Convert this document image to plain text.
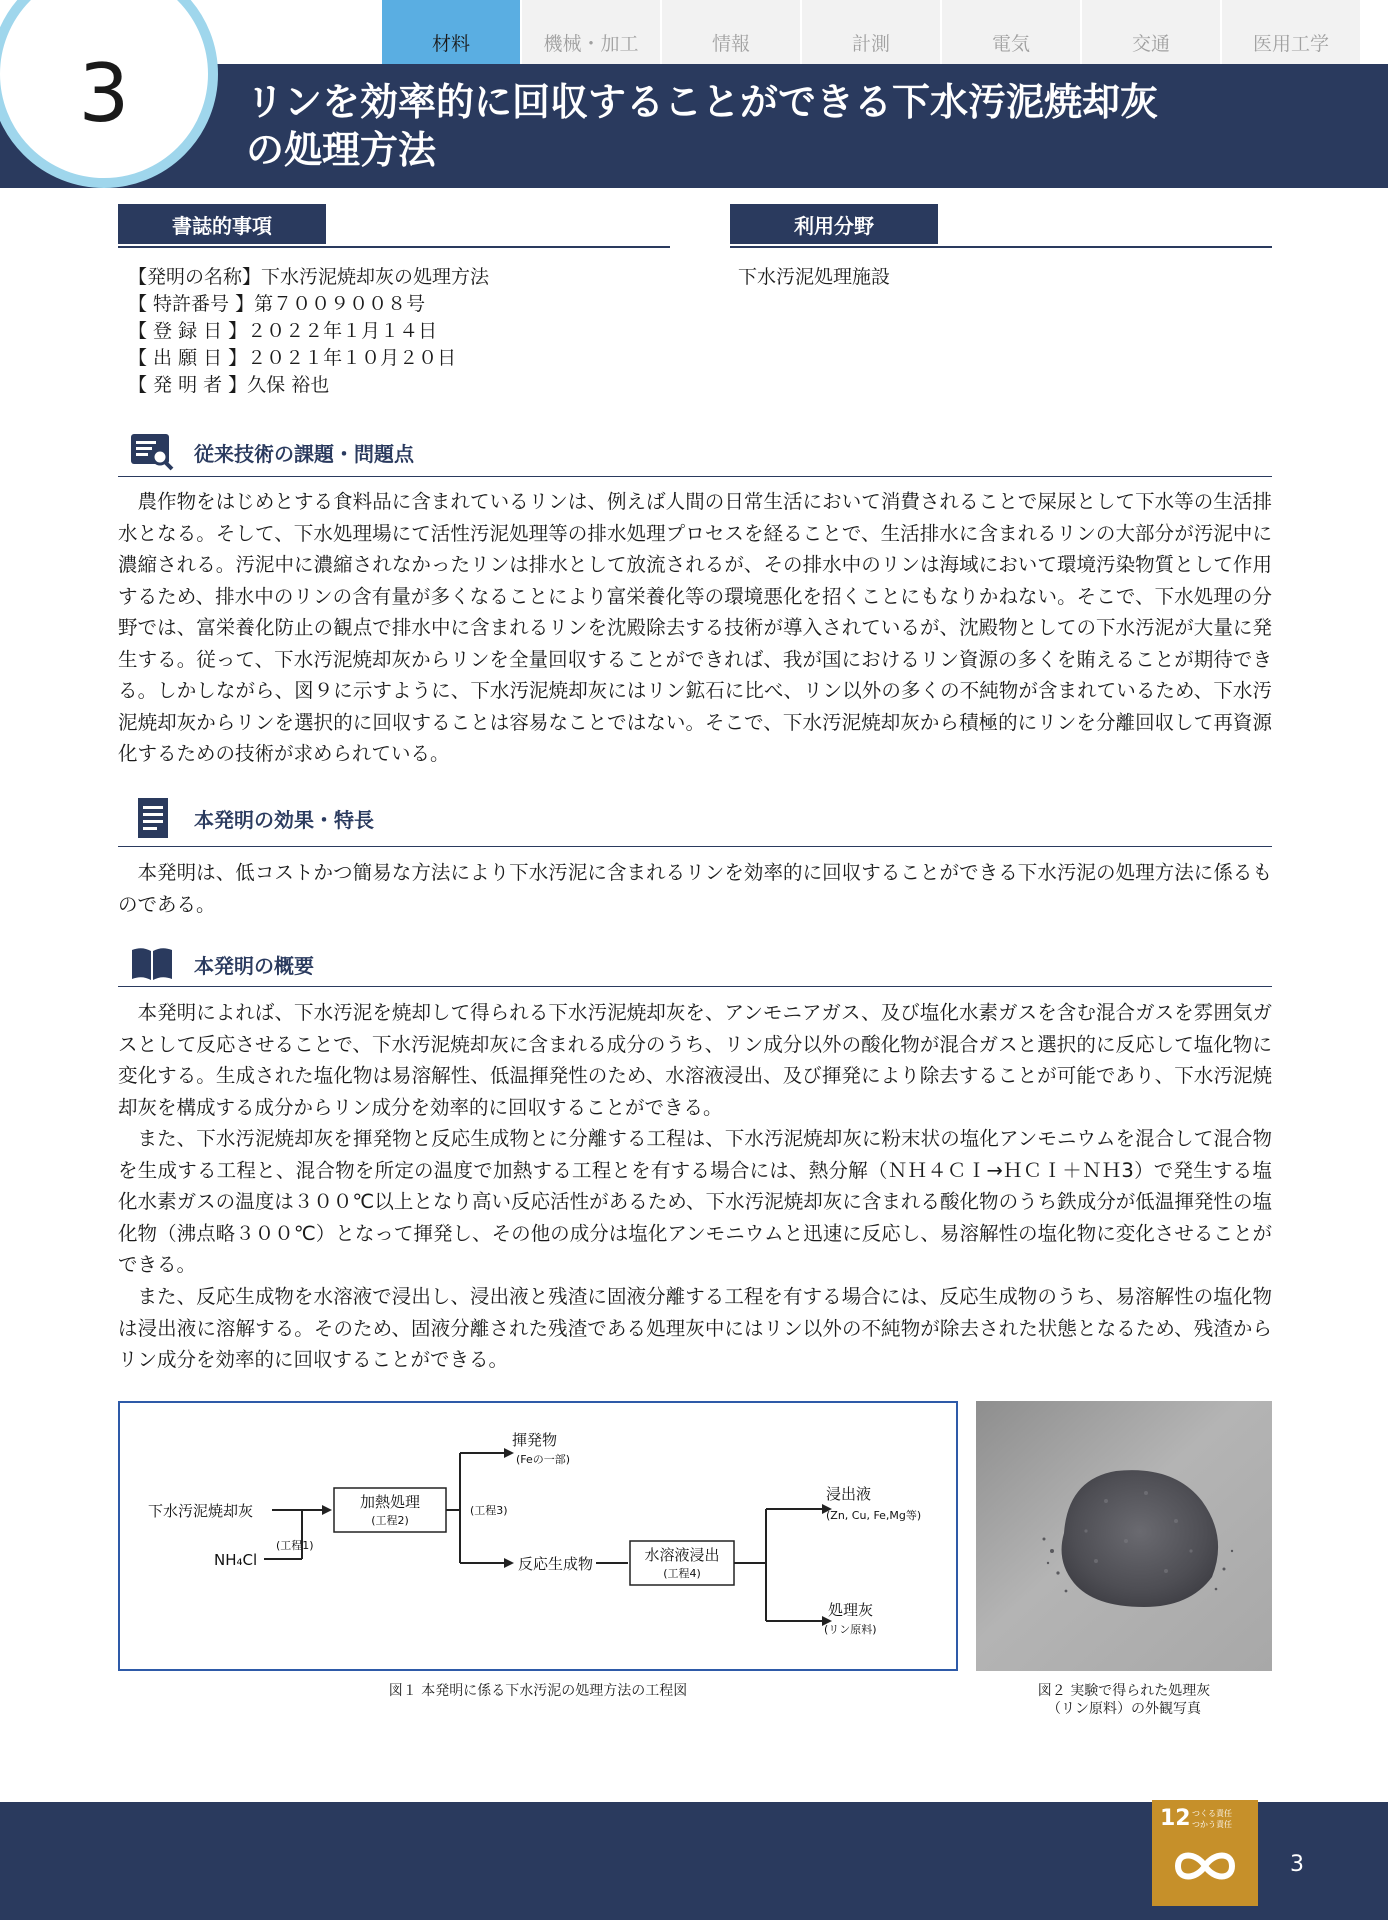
リンを効率的に回収することができる下水汚泥焼却灰
の処理方法
3
材料	機械・加工	情報	計測	電気	交通	医用工学
書誌的事項
【発明の名称】下水汚泥焼却灰の処理方法
【 特許番号 】第７００９００８号
【 登 録 日 】２０２２年１月１４日
【 出 願 日 】２０２１年１０月２０日
【 発 明 者 】久保 裕也
利用分野
下水汚泥処理施設
従来技術の課題・問題点

農作物をはじめとする食料品に含まれているリンは、例えば人間の日常生活において消費されることで屎尿として下水等の生活排水となる。そして、下水処理場にて活性汚泥処理等の排水処理プロセスを経ることで、生活排水に含まれるリンの大部分が汚泥中に濃縮される。汚泥中に濃縮されなかったリンは排水として放流されるが、その排水中のリンは海域において環境汚染物質として作用するため、排水中のリンの含有量が多くなることにより富栄養化等の環境悪化を招くことにもなりかねない。そこで、下水処理の分野では、富栄養化防止の観点で排水中に含まれるリンを沈殿除去する技術が導入されているが、沈殿物としての下水汚泥が大量に発生する。従って、下水汚泥焼却灰からリンを全量回収することができれば、我が国におけるリン資源の多くを賄えることが期待できる。しかしながら、図９に示すように、下水汚泥焼却灰にはリン鉱石に比べ、リン以外の多くの不純物が含まれているため、下水汚泥焼却灰からリンを選択的に回収することは容易なことではない。そこで、下水汚泥焼却灰から積極的にリンを分離回収して再資源化するための技術が求められている。

本発明の効果・特長

本発明は、低コストかつ簡易な方法により下水汚泥に含まれるリンを効率的に回収することができる下水汚泥の処理方法に係るものである。

本発明の概要

本発明によれば、下水汚泥を焼却して得られる下水汚泥焼却灰を、アンモニアガス、及び塩化水素ガスを含む混合ガスを雰囲気ガスとして反応させることで、下水汚泥焼却灰に含まれる成分のうち、リン成分以外の酸化物が混合ガスと選択的に反応して塩化物に変化する。生成された塩化物は易溶解性、低温揮発性のため、水溶液浸出、及び揮発により除去することが可能であり、下水汚泥焼却灰を構成する成分からリン成分を効率的に回収することができる。

また、下水汚泥焼却灰を揮発物と反応生成物とに分離する工程は、下水汚泥焼却灰に粉末状の塩化アンモニウムを混合して混合物を生成する工程と、混合物を所定の温度で加熱する工程とを有する場合には、熱分解（ＮＨ４ＣＩ→ＨＣＩ＋ＮＨ3）で発生する塩化水素ガスの温度は３００℃以上となり高い反応活性があるため、下水汚泥焼却灰に含まれる酸化物のうち鉄成分が低温揮発性の塩化物（沸点略３００℃）となって揮発し、その他の成分は塩化アンモニウムと迅速に反応し、易溶解性の塩化物に変化させることができる。

また、反応生成物を水溶液で浸出し、浸出液と残渣に固液分離する工程を有する場合には、反応生成物のうち、易溶解性の塩化物は浸出液に溶解する。そのため、固液分離された残渣である処理灰中にはリン以外の不純物が除去された状態となるため、残渣からリン成分を効率的に回収することができる。

下水汚泥焼却灰
NH₄Cl
(工程1)
加熱処理
(工程2)
(工程3)
揮発物
(Feの一部)
反応生成物	水溶液浸出
(工程4)
浸出液
(Zn, Cu, Fe,Mg等)
処理灰
(リン原料)
図１ 本発明に係る下水汚泥の処理方法の工程図	図２ 実験で得られた処理灰
（リン原料）の外観写真
12 つくる責任
つかう責任
3
